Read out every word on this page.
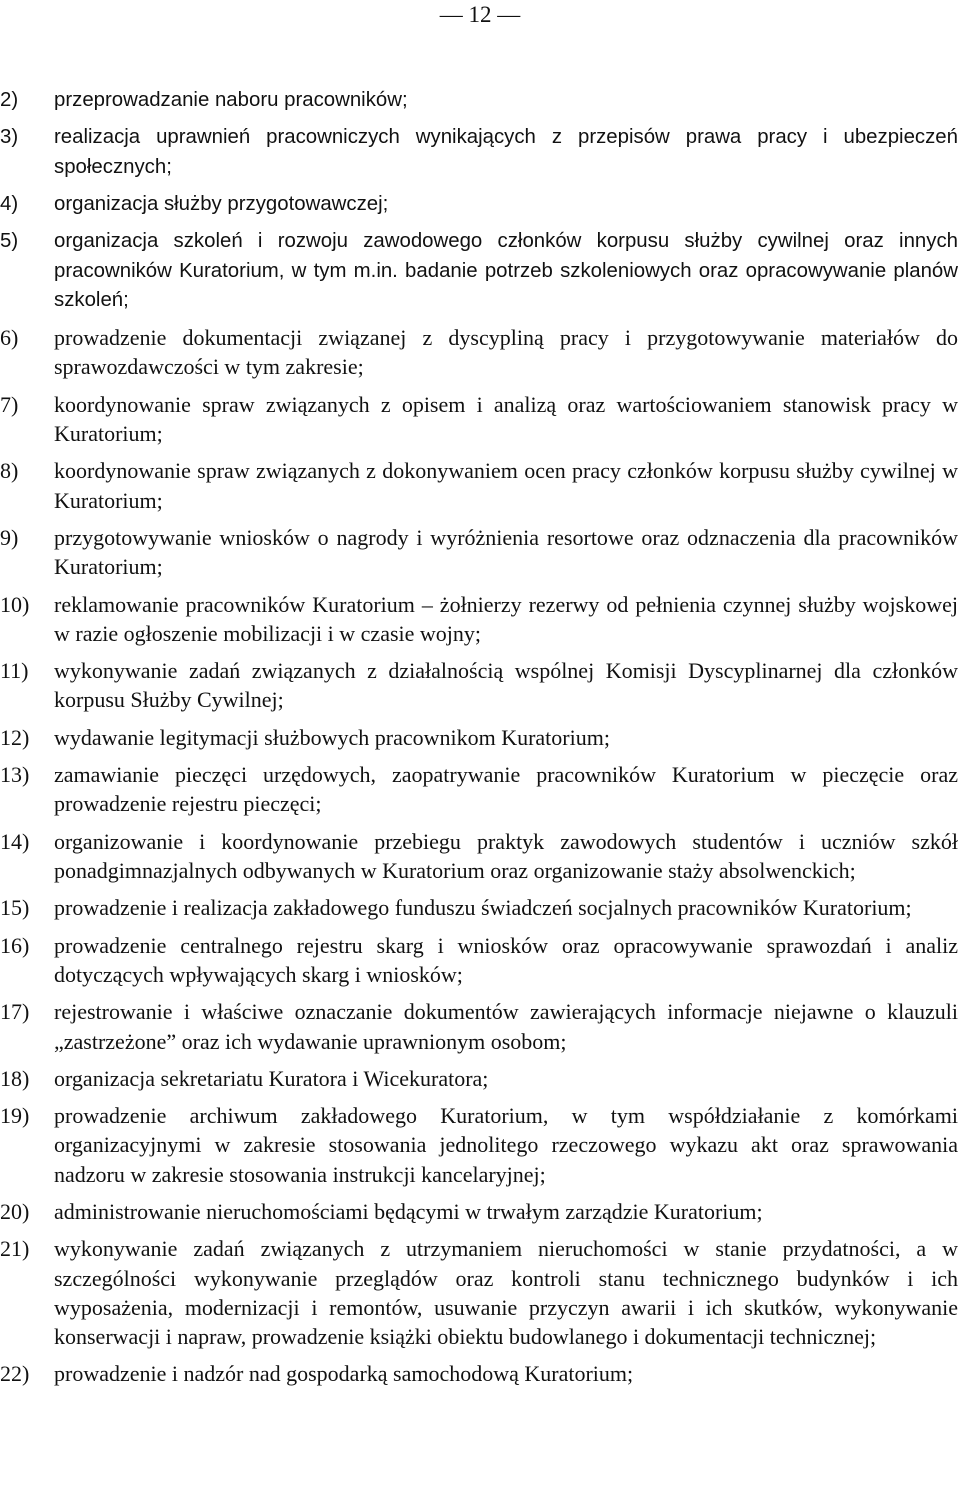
— 12 —
2) przeprowadzanie naboru pracowników;
3) realizacja uprawnień pracowniczych wynikających z przepisów prawa pracy i ubezpieczeń społecznych;
4) organizacja służby przygotowawczej;
5) organizacja szkoleń i rozwoju zawodowego członków korpusu służby cywilnej oraz innych pracowników Kuratorium, w tym m.in. badanie potrzeb szkoleniowych oraz opracowywanie planów szkoleń;
6) prowadzenie dokumentacji związanej z dyscypliną pracy i przygotowywanie materiałów do sprawozdawczości w tym zakresie;
7) koordynowanie spraw związanych z opisem i analizą oraz wartościowaniem stanowisk pracy w Kuratorium;
8) koordynowanie spraw związanych z dokonywaniem ocen pracy członków korpusu służby cywilnej w Kuratorium;
9) przygotowywanie wniosków o nagrody i wyróżnienia resortowe oraz odznaczenia dla pracowników Kuratorium;
10) reklamowanie pracowników Kuratorium – żołnierzy rezerwy od pełnienia czynnej służby wojskowej w razie ogłoszenie mobilizacji i w czasie wojny;
11) wykonywanie zadań związanych z działalnością wspólnej Komisji Dyscyplinarnej dla członków korpusu Służby Cywilnej;
12) wydawanie legitymacji służbowych pracownikom Kuratorium;
13) zamawianie pieczęci urzędowych, zaopatrywanie pracowników Kuratorium w pieczęcie oraz prowadzenie rejestru pieczęci;
14) organizowanie i koordynowanie przebiegu praktyk zawodowych studentów i uczniów szkół ponadgimnazjalnych odbywanych w Kuratorium oraz organizowanie staży absolwenckich;
15) prowadzenie i realizacja zakładowego funduszu świadczeń socjalnych pracowników Kuratorium;
16) prowadzenie centralnego rejestru skarg i wniosków oraz opracowywanie sprawozdań i analiz dotyczących wpływających skarg i wniosków;
17) rejestrowanie i właściwe oznaczanie dokumentów zawierających informacje niejawne o klauzuli „zastrzeżone” oraz ich wydawanie uprawnionym osobom;
18) organizacja sekretariatu Kuratora i Wicekuratora;
19) prowadzenie archiwum zakładowego Kuratorium, w tym współdziałanie z komórkami organizacyjnymi w zakresie stosowania jednolitego rzeczowego wykazu akt oraz sprawowania nadzoru w zakresie stosowania instrukcji kancelaryjnej;
20) administrowanie nieruchomościami będącymi w trwałym zarządzie Kuratorium;
21) wykonywanie zadań związanych z utrzymaniem nieruchomości w stanie przydatności, a w szczególności wykonywanie przeglądów oraz kontroli stanu technicznego budynków i ich wyposażenia, modernizacji i remontów, usuwanie przyczyn awarii i ich skutków, wykonywanie konserwacji i napraw, prowadzenie książki obiektu budowlanego i dokumentacji technicznej;
22) prowadzenie i nadzór nad gospodarką samochodową Kuratorium;
